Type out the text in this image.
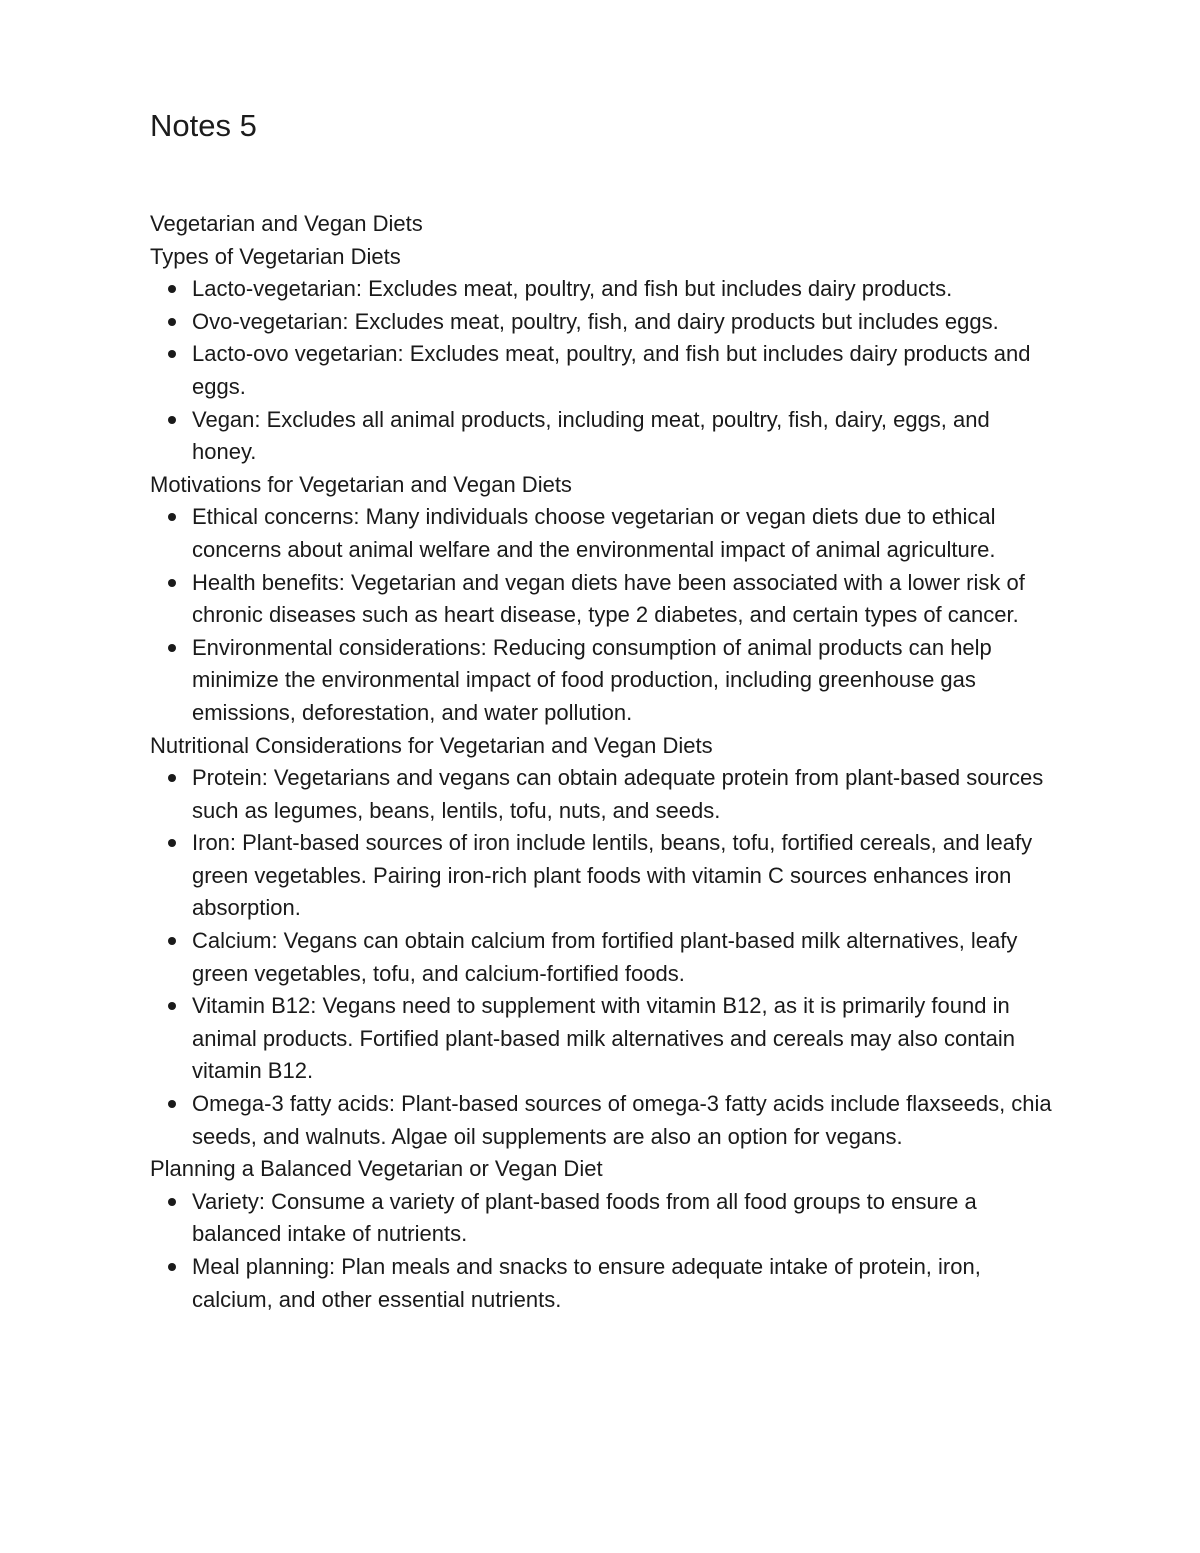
Notes 5

Vegetarian and Vegan Diets

Types of Vegetarian Diets

Lacto-vegetarian: Excludes meat, poultry, and fish but includes dairy products.
Ovo-vegetarian: Excludes meat, poultry, fish, and dairy products but includes eggs.
Lacto-ovo vegetarian: Excludes meat, poultry, and fish but includes dairy products and eggs.
Vegan: Excludes all animal products, including meat, poultry, fish, dairy, eggs, and honey.

Motivations for Vegetarian and Vegan Diets

Ethical concerns: Many individuals choose vegetarian or vegan diets due to ethical concerns about animal welfare and the environmental impact of animal agriculture.
Health benefits: Vegetarian and vegan diets have been associated with a lower risk of chronic diseases such as heart disease, type 2 diabetes, and certain types of cancer.
Environmental considerations: Reducing consumption of animal products can help minimize the environmental impact of food production, including greenhouse gas emissions, deforestation, and water pollution.

Nutritional Considerations for Vegetarian and Vegan Diets

Protein: Vegetarians and vegans can obtain adequate protein from plant-based sources such as legumes, beans, lentils, tofu, nuts, and seeds.
Iron: Plant-based sources of iron include lentils, beans, tofu, fortified cereals, and leafy green vegetables. Pairing iron-rich plant foods with vitamin C sources enhances iron absorption.
Calcium: Vegans can obtain calcium from fortified plant-based milk alternatives, leafy green vegetables, tofu, and calcium-fortified foods.
Vitamin B12: Vegans need to supplement with vitamin B12, as it is primarily found in animal products. Fortified plant-based milk alternatives and cereals may also contain vitamin B12.
Omega-3 fatty acids: Plant-based sources of omega-3 fatty acids include flaxseeds, chia seeds, and walnuts. Algae oil supplements are also an option for vegans.

Planning a Balanced Vegetarian or Vegan Diet

Variety: Consume a variety of plant-based foods from all food groups to ensure a balanced intake of nutrients.
Meal planning: Plan meals and snacks to ensure adequate intake of protein, iron, calcium, and other essential nutrients.
